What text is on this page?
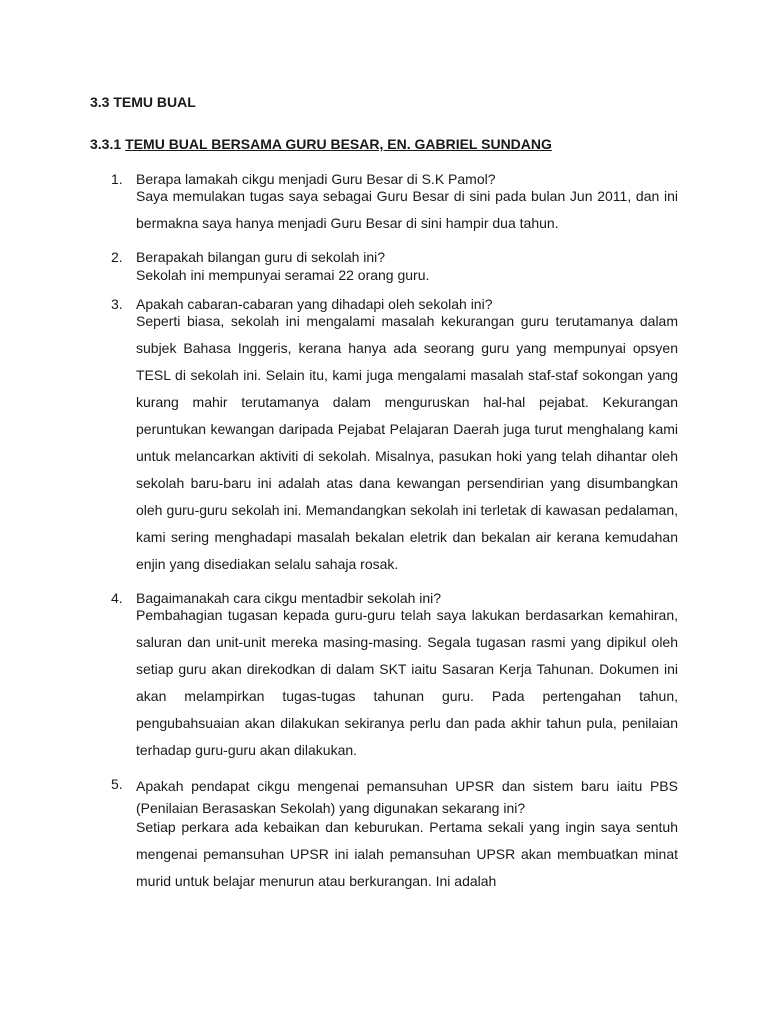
3.3 TEMU BUAL

3.3.1 TEMU BUAL BERSAMA GURU BESAR, EN. GABRIEL SUNDANG

1. Berapa lamakah cikgu menjadi Guru Besar di S.K Pamol?
Saya memulakan tugas saya sebagai Guru Besar di sini pada bulan Jun 2011, dan ini bermakna saya hanya menjadi Guru Besar di sini hampir dua tahun.
2. Berapakah bilangan guru di sekolah ini?
Sekolah ini mempunyai seramai 22 orang guru.
3. Apakah cabaran-cabaran yang dihadapi oleh sekolah ini?
Seperti biasa, sekolah ini mengalami masalah kekurangan guru terutamanya dalam subjek Bahasa Inggeris, kerana hanya ada seorang guru yang mempunyai opsyen TESL di sekolah ini. Selain itu, kami juga mengalami masalah staf-staf sokongan yang kurang mahir terutamanya dalam menguruskan hal-hal pejabat. Kekurangan peruntukan kewangan daripada Pejabat Pelajaran Daerah juga turut menghalang kami untuk melancarkan aktiviti di sekolah. Misalnya, pasukan hoki yang telah dihantar oleh sekolah baru-baru ini adalah atas dana kewangan persendirian yang disumbangkan oleh guru-guru sekolah ini. Memandangkan sekolah ini terletak di kawasan pedalaman, kami sering menghadapi masalah bekalan eletrik dan bekalan air kerana kemudahan enjin yang disediakan selalu sahaja rosak.
4. Bagaimanakah cara cikgu mentadbir sekolah ini?
Pembahagian tugasan kepada guru-guru telah saya lakukan berdasarkan kemahiran, saluran dan unit-unit mereka masing-masing. Segala tugasan rasmi yang dipikul oleh setiap guru akan direkodkan di dalam SKT iaitu Sasaran Kerja Tahunan. Dokumen ini akan melampirkan tugas-tugas tahunan guru. Pada pertengahan tahun, pengubahsuaian akan dilakukan sekiranya perlu dan pada akhir tahun pula, penilaian terhadap guru-guru akan dilakukan.
5. Apakah pendapat cikgu mengenai pemansuhan UPSR dan sistem baru iaitu PBS (Penilaian Berasaskan Sekolah) yang digunakan sekarang ini?
Setiap perkara ada kebaikan dan keburukan. Pertama sekali yang ingin saya sentuh mengenai pemansuhan UPSR ini ialah pemansuhan UPSR akan membuatkan minat murid untuk belajar menurun atau berkurangan. Ini adalah
